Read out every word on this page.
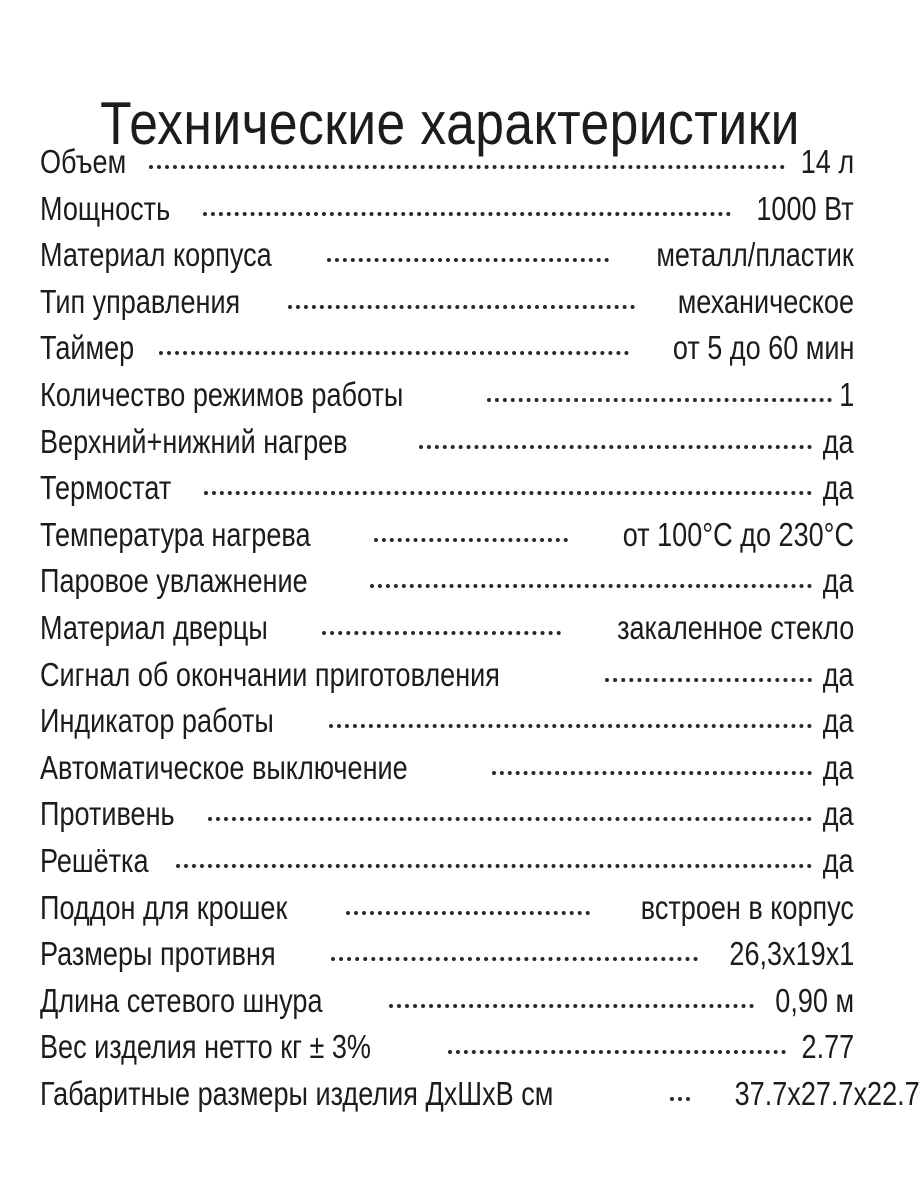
Технические характеристики
Объем	14 л
Мощность	1000 Вт
Материал корпуса	металл/пластик
Тип управления	механическое
Таймер	от 5 до 60 мин
Количество режимов работы	1
Верхний+нижний нагрев	да
Термостат	да
Температура нагрева	от 100°С до 230°С
Паровое увлажнение	да
Материал дверцы	закаленное стекло
Сигнал об окончании приготовления	да
Индикатор работы	да
Автоматическое выключение	да
Противень	да
Решётка	да
Поддон для крошек	встроен в корпус
Размеры противня	26,3х19х1
Длина сетевого шнура	0,90 м
Вес изделия нетто кг ± 3%	2.77
Габаритные размеры изделия ДхШхВ см	37.7х27.7х22.7
